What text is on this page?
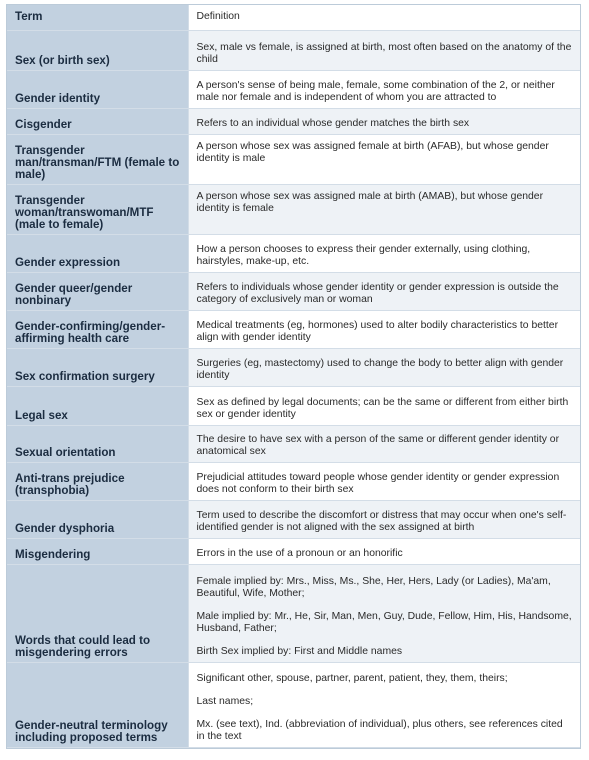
Term	Definition
Sex (or birth sex)	Sex, male vs female, is assigned at birth, most often based on the anatomy of the child

Gender identity	A person's sense of being male, female, some combination of the 2, or neither male nor female and is independent of whom you are attracted to

Cisgender	Refers to an individual whose gender matches the birth sex

Transgender man/transman/FTM (female to male)	A person whose sex was assigned female at birth (AFAB), but whose gender identity is male

Transgender woman/transwoman/MTF (male to female)	A person whose sex was assigned male at birth (AMAB), but whose gender identity is female

Gender expression	How a person chooses to express their gender externally, using clothing, hairstyles, make-up, etc.

Gender queer/gender nonbinary	Refers to individuals whose gender identity or gender expression is outside the category of exclusively man or woman

Gender-confirming/gender-affirming health care	Medical treatments (eg, hormones) used to alter bodily characteristics to better align with gender identity

Sex confirmation surgery	Surgeries (eg, mastectomy) used to change the body to better align with gender identity

Legal sex	Sex as defined by legal documents; can be the same or different from either birth sex or gender identity

Sexual orientation	The desire to have sex with a person of the same or different gender identity or anatomical sex

Anti-trans prejudice (transphobia)	Prejudicial attitudes toward people whose gender identity or gender expression does not conform to their birth sex

Gender dysphoria	Term used to describe the discomfort or distress that may occur when one's self-identified gender is not aligned with the sex assigned at birth

Misgendering	Errors in the use of a pronoun or an honorific

Words that could lead to misgendering errors	Female implied by: Mrs., Miss, Ms., She, Her, Hers, Lady (or Ladies), Ma'am, Beautiful, Wife, Mother;
Male implied by: Mr., He, Sir, Man, Men, Guy, Dude, Fellow, Him, His, Handsome, Husband, Father;
Birth Sex implied by: First and Middle names

Gender-neutral terminology including proposed terms	Significant other, spouse, partner, parent, patient, they, them, theirs;
Last names;
Mx. (see text), Ind. (abbreviation of individual), plus others, see references cited in the text
